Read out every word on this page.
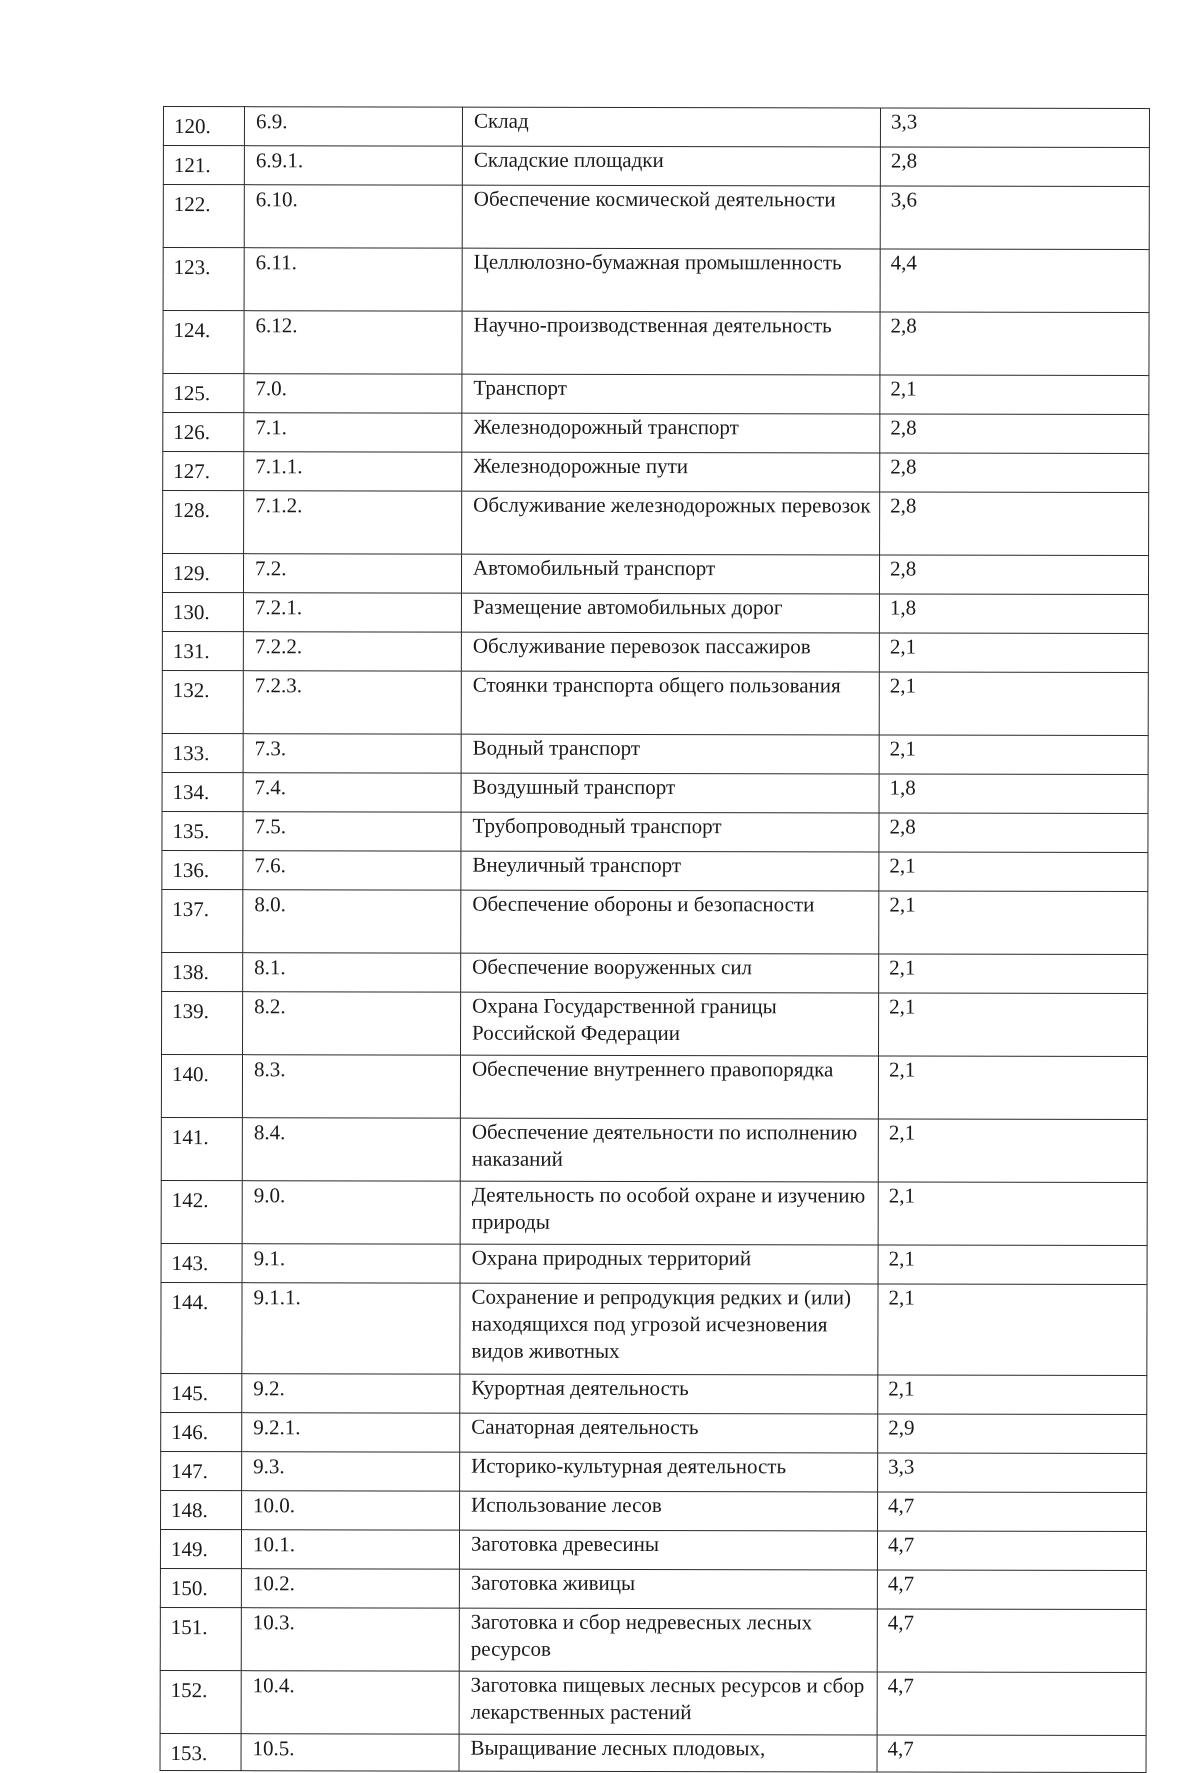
120.	6.9.	Склад	3,3
121.	6.9.1.	Складские площадки	2,8
122.	6.10.	Обеспечение космической деятельности	3,6
123.	6.11.	Целлюлозно-бумажная промышленность	4,4
124.	6.12.	Научно-производственная деятельность	2,8
125.	7.0.	Транспорт	2,1
126.	7.1.	Железнодорожный транспорт	2,8
127.	7.1.1.	Железнодорожные пути	2,8
128.	7.1.2.	Обслуживание железнодорожных перевозок	2,8
129.	7.2.	Автомобильный транспорт	2,8
130.	7.2.1.	Размещение автомобильных дорог	1,8
131.	7.2.2.	Обслуживание перевозок пассажиров	2,1
132.	7.2.3.	Стоянки транспорта общего пользования	2,1
133.	7.3.	Водный транспорт	2,1
134.	7.4.	Воздушный транспорт	1,8
135.	7.5.	Трубопроводный транспорт	2,8
136.	7.6.	Внеуличный транспорт	2,1
137.	8.0.	Обеспечение обороны и безопасности	2,1
138.	8.1.	Обеспечение вооруженных сил	2,1
139.	8.2.	Охрана Государственной границы Российской Федерации	2,1
140.	8.3.	Обеспечение внутреннего правопорядка	2,1
141.	8.4.	Обеспечение деятельности по исполнению наказаний	2,1
142.	9.0.	Деятельность по особой охране и изучению природы	2,1
143.	9.1.	Охрана природных территорий	2,1
144.	9.1.1.	Сохранение и репродукция редких и (или) находящихся под угрозой исчезновения видов животных	2,1
145.	9.2.	Курортная деятельность	2,1
146.	9.2.1.	Санаторная деятельность	2,9
147.	9.3.	Историко-культурная деятельность	3,3
148.	10.0.	Использование лесов	4,7
149.	10.1.	Заготовка древесины	4,7
150.	10.2.	Заготовка живицы	4,7
151.	10.3.	Заготовка и сбор недревесных лесных ресурсов	4,7
152.	10.4.	Заготовка пищевых лесных ресурсов и сбор лекарственных растений	4,7
153.	10.5.	Выращивание лесных плодовых,	4,7
